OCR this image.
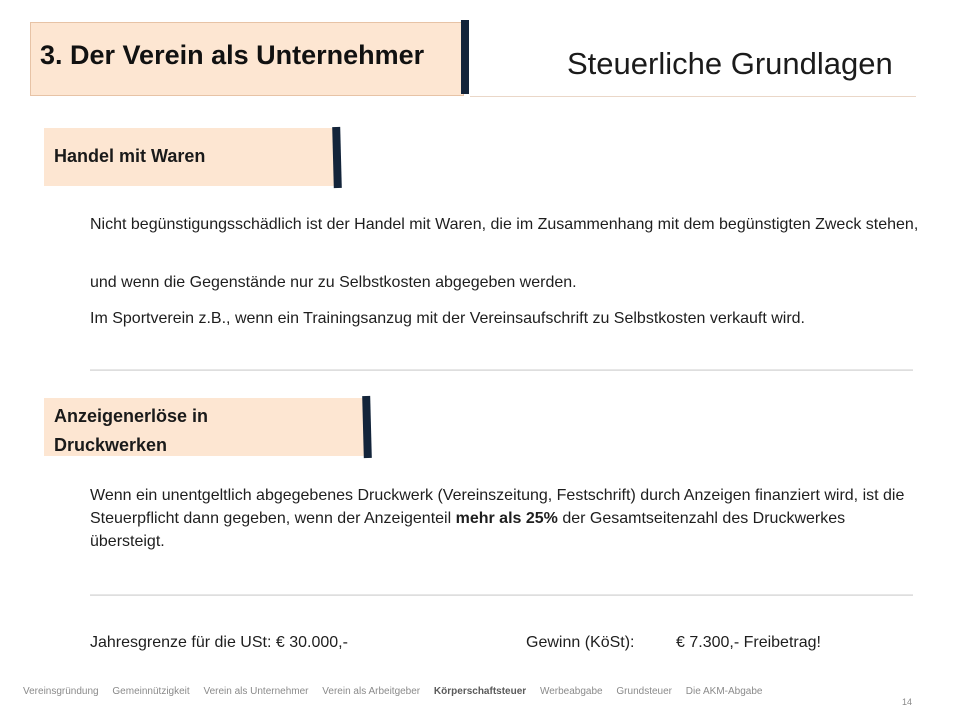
3. Der Verein als Unternehmer	Steuerliche Grundlagen
Handel mit Waren
Nicht begünstigungsschädlich ist der Handel mit Waren, die im Zusammenhang mit dem begünstigten Zweck stehen,
und wenn die Gegenstände nur zu Selbstkosten abgegeben werden.
Im Sportverein z.B., wenn ein Trainingsanzug mit der Vereinsaufschrift zu Selbstkosten verkauft wird.
Anzeigenerlöse in
Druckwerken
Wenn ein unentgeltlich abgegebenes Druckwerk (Vereinszeitung, Festschrift) durch Anzeigen finanziert wird, ist die Steuerpflicht dann gegeben, wenn der Anzeigenteil mehr als 25% der Gesamtseitenzahl des Druckwerkes übersteigt.
Jahresgrenze für die USt: € 30.000,-	Gewinn (KöSt):	€ 7.300,- Freibetrag!
Vereinsgründung Gemeinnützigkeit Verein als Unternehmer Verein als Arbeitgeber Körperschaftsteuer Werbeabgabe Grundsteuer Die AKM-Abgabe
14
